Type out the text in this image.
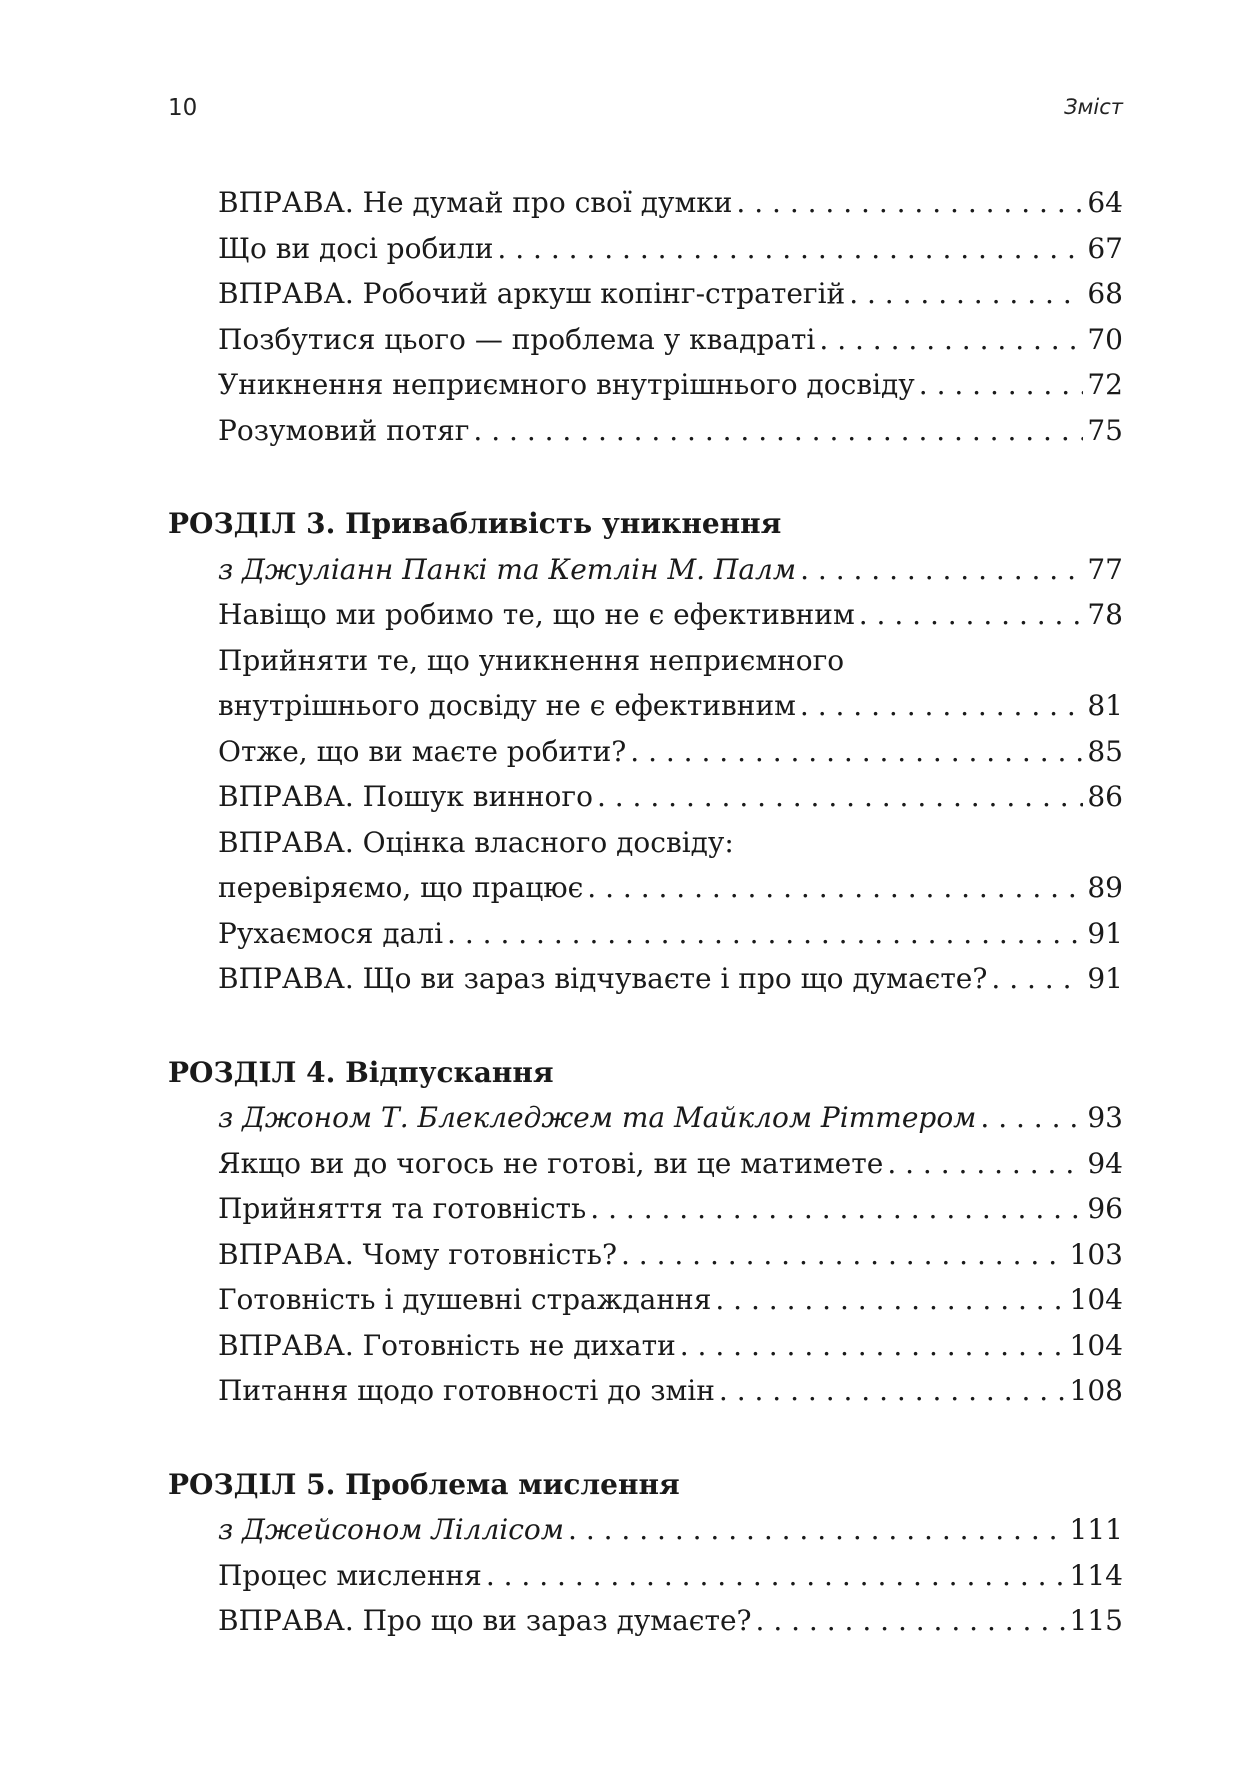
10	Зміст
ВПРАВА. Не думай про свої думки . . .	64
Що ви досі робили . . .	67
ВПРАВА. Робочий аркуш копінг-стратегій . . .	68
Позбутися цього — проблема у квадраті . . .	70
Уникнення неприємного внутрішнього досвіду . . .	72
Розумовий потяг . . .	75
РОЗДІЛ 3. Привабливість уникнення
з Джуліанн Панкі та Кетлін М. Палм . . .	77
Навіщо ми робимо те, що не є ефективним . . .	78
Прийняти те, що уникнення неприємного
внутрішнього досвіду не є ефективним . . .	81
Отже, що ви маєте робити? . . .	85
ВПРАВА. Пошук винного . . .	86
ВПРАВА. Оцінка власного досвіду:
перевіряємо, що працює . . .	89
Рухаємося далі . . .	91
ВПРАВА. Що ви зараз відчуваєте і про що думаєте? . . .	91
РОЗДІЛ 4. Відпускання
з Джоном Т. Блекледжем та Майклом Ріттером . . .	93
Якщо ви до чогось не готові, ви це матимете . . .	94
Прийняття та готовність . . .	96
ВПРАВА. Чому готовність? . . .	103
Готовність і душевні страждання . . .	104
ВПРАВА. Готовність не дихати . . .	104
Питання щодо готовності до змін . . .	108
РОЗДІЛ 5. Проблема мислення
з Джейсоном Ліллісом . . .	111
Процес мислення . . .	114
ВПРАВА. Про що ви зараз думаєте? . . .	115
